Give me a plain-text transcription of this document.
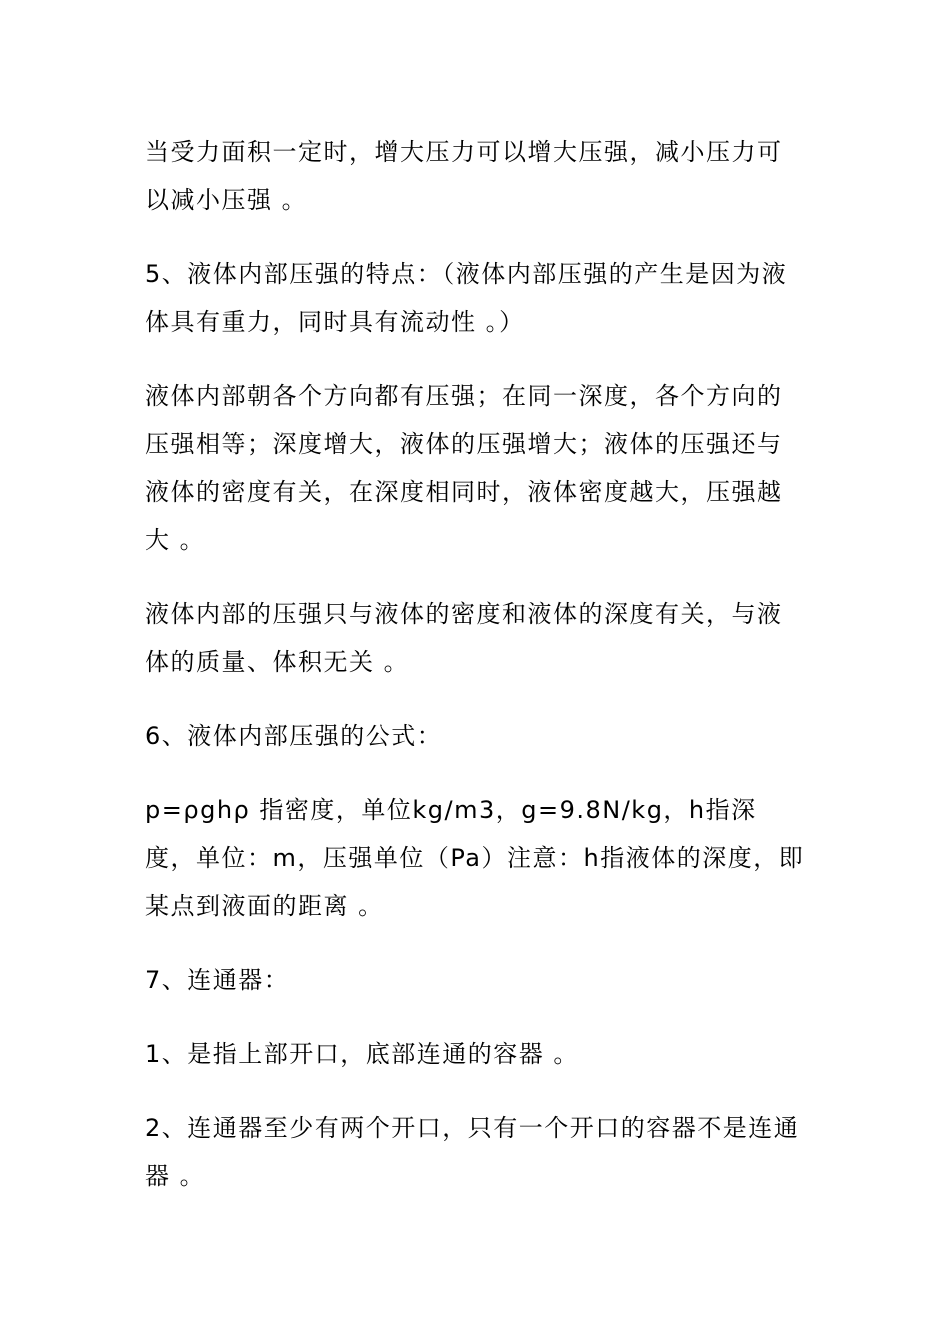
当受力面积一定时，增大压力可以增大压强，减小压力可以减小压强 。

5、液体内部压强的特点：（液体内部压强的产生是因为液体具有重力，同时具有流动性 。）

液体内部朝各个方向都有压强；在同一深度，各个方向的压强相等；深度增大，液体的压强增大；液体的压强还与液体的密度有关，在深度相同时，液体密度越大，压强越大 。

液体内部的压强只与液体的密度和液体的深度有关，与液体的质量、体积无关 。

6、液体内部压强的公式：

p=ρghρ 指密度，单位kg/m3，g=9.8N/kg，h指深度，单位：m，压强单位（Pa）注意：h指液体的深度，即某点到液面的距离 。

7、连通器：

1、是指上部开口，底部连通的容器 。

2、连通器至少有两个开口，只有一个开口的容器不是连通器 。
